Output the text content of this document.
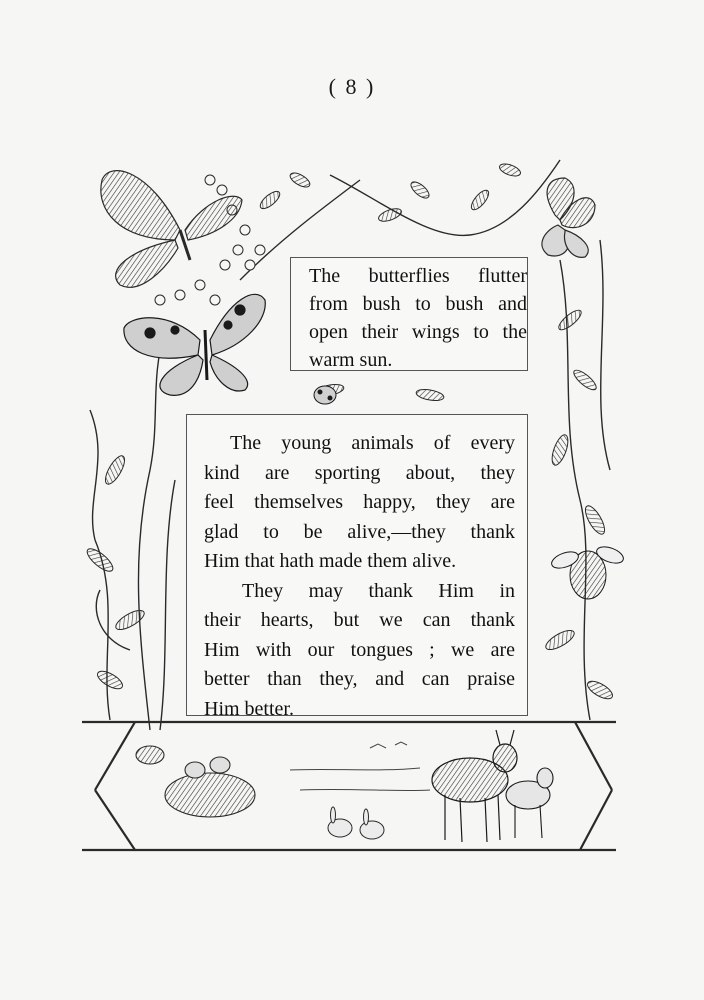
( 8 )

The butterflies flutter
from bush to bush and
open their wings to the
warm sun.

The young animals of every
kind are sporting about, they
feel themselves happy, they are
glad to be alive,—they thank
Him that hath made them alive.

They may thank Him in
their hearts, but we can thank
Him with our tongues ; we are
better than they, and can praise
Him better.
